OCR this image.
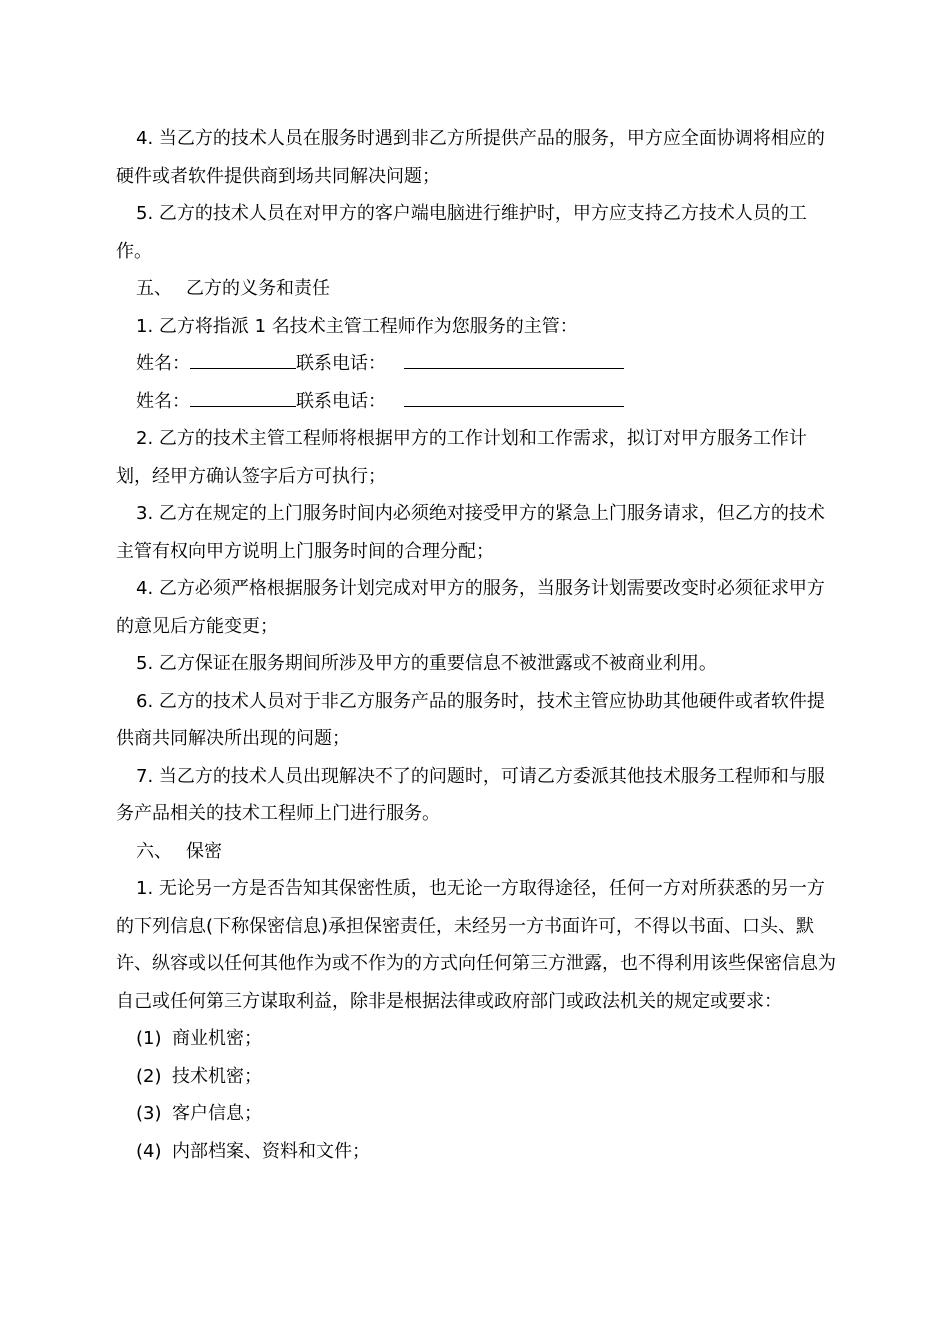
4. 当乙方的技术人员在服务时遇到非乙方所提供产品的服务，甲方应全面协调将相应的硬件或者软件提供商到场共同解决问题；

5. 乙方的技术人员在对甲方的客户端电脑进行维护时，甲方应支持乙方技术人员的工作。

五、 乙方的义务和责任

1. 乙方将指派 1 名技术主管工程师作为您服务的主管：

姓名：	联系电话：

姓名：	联系电话：

2. 乙方的技术主管工程师将根据甲方的工作计划和工作需求，拟订对甲方服务工作计划，经甲方确认签字后方可执行；

3. 乙方在规定的上门服务时间内必须绝对接受甲方的紧急上门服务请求，但乙方的技术主管有权向甲方说明上门服务时间的合理分配；

4. 乙方必须严格根据服务计划完成对甲方的服务，当服务计划需要改变时必须征求甲方的意见后方能变更；

5. 乙方保证在服务期间所涉及甲方的重要信息不被泄露或不被商业利用。

6. 乙方的技术人员对于非乙方服务产品的服务时，技术主管应协助其他硬件或者软件提供商共同解决所出现的问题；

7. 当乙方的技术人员出现解决不了的问题时，可请乙方委派其他技术服务工程师和与服务产品相关的技术工程师上门进行服务。

六、 保密

1. 无论另一方是否告知其保密性质，也无论一方取得途径，任何一方对所获悉的另一方的下列信息(下称保密信息)承担保密责任，未经另一方书面许可，不得以书面、口头、默许、纵容或以任何其他作为或不作为的方式向任何第三方泄露，也不得利用该些保密信息为自己或任何第三方谋取利益，除非是根据法律或政府部门或政法机关的规定或要求：

(1) 商业机密；

(2) 技术机密；

(3) 客户信息；

(4) 内部档案、资料和文件；
